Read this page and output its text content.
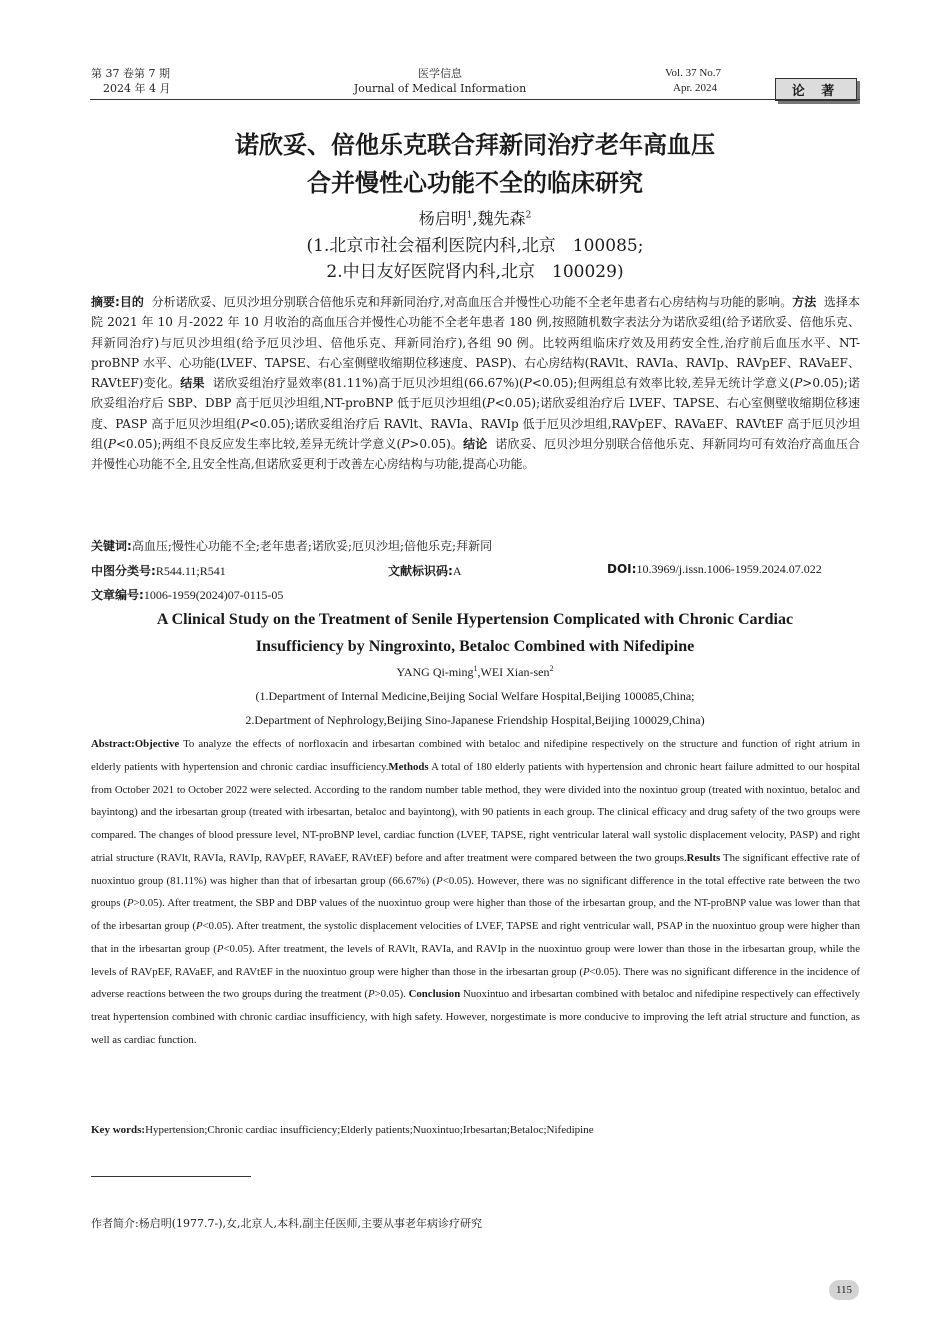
第 37 卷第 7 期
2024 年 4 月
医学信息
Journal of Medical Information
Vol. 37 No.7
Apr. 2024	论 著
诺欣妥、倍他乐克联合拜新同治疗老年高血压
合并慢性心功能不全的临床研究
杨启明$^1$,魏先森$^2$
(1.北京市社会福利医院内科,北京　100085;
2.中日友好医院肾内科,北京　100029)
摘要:目的 分析诺欣妥、厄贝沙坦分别联合倍他乐克和拜新同治疗,对高血压合并慢性心功能不全老年患者右心房结构与功能的影响。方法 选择本院 2021 年 10 月-2022 年 10 月收治的高血压合并慢性心功能不全老年患者 180 例,按照随机数字表法分为诺欣妥组(给予诺欣妥、倍他乐克、拜新同治疗)与厄贝沙坦组(给予厄贝沙坦、倍他乐克、拜新同治疗),各组 90 例。比较两组临床疗效及用药安全性,治疗前后血压水平、NT-proBNP 水平、心功能(LVEF、TAPSE、右心室侧壁收缩期位移速度、PASP)、右心房结构(RAVlt、RAVIa、RAVIp、RAVpEF、RAVaEF、RAVtEF)变化。结果 诺欣妥组治疗显效率(81.11%)高于厄贝沙坦组(66.67%)(P<0.05);但两组总有效率比较,差异无统计学意义(P>0.05);诺欣妥组治疗后 SBP、DBP 高于厄贝沙坦组,NT-proBNP 低于厄贝沙坦组(P<0.05);诺欣妥组治疗后 LVEF、TAPSE、右心室侧壁收缩期位移速度、PASP 高于厄贝沙坦组(P<0.05);诺欣妥组治疗后 RAVlt、RAVIa、RAVIp 低于厄贝沙坦组,RAVpEF、RAVaEF、RAVtEF 高于厄贝沙坦组(P<0.05);两组不良反应发生率比较,差异无统计学意义(P>0.05)。结论 诺欣妥、厄贝沙坦分别联合倍他乐克、拜新同均可有效治疗高血压合并慢性心功能不全,且安全性高,但诺欣妥更利于改善左心房结构与功能,提高心功能。
关键词:高血压;慢性心功能不全;老年患者;诺欣妥;厄贝沙坦;倍他乐克;拜新同
中图分类号:R544.11;R541	文献标识码:A	DOI:10.3969/j.issn.1006-1959.2024.07.022
文章编号:1006-1959(2024)07-0115-05
A Clinical Study on the Treatment of Senile Hypertension Complicated with Chronic Cardiac
Insufficiency by Ningroxinto, Betaloc Combined with Nifedipine
YANG Qi-ming$^1$,WEI Xian-sen$^2$
(1.Department of Internal Medicine,Beijing Social Welfare Hospital,Beijing 100085,China;
2.Department of Nephrology,Beijing Sino-Japanese Friendship Hospital,Beijing 100029,China)
Abstract:Objective To analyze the effects of norfloxacin and irbesartan combined with betaloc and nifedipine respectively on the structure and function of right atrium in elderly patients with hypertension and chronic cardiac insufficiency.Methods A total of 180 elderly patients with hypertension and chronic heart failure admitted to our hospital from October 2021 to October 2022 were selected. According to the random number table method, they were divided into the noxintuo group (treated with noxintuo, betaloc and bayintong) and the irbesartan group (treated with irbesartan, betaloc and bayintong), with 90 patients in each group. The clinical efficacy and drug safety of the two groups were compared. The changes of blood pressure level, NT-proBNP level, cardiac function (LVEF, TAPSE, right ventricular lateral wall systolic displacement velocity, PASP) and right atrial structure (RAVlt, RAVIa, RAVIp, RAVpEF, RAVaEF, RAVtEF) before and after treatment were compared between the two groups.Results The significant effective rate of nuoxintuo group (81.11%) was higher than that of irbesartan group (66.67%) (P<0.05). However, there was no significant difference in the total effective rate between the two groups (P>0.05). After treatment, the SBP and DBP values of the nuoxintuo group were higher than those of the irbesartan group, and the NT-proBNP value was lower than that of the irbesartan group (P<0.05). After treatment, the systolic displacement velocities of LVEF, TAPSE and right ventricular wall, PSAP in the nuoxintuo group were higher than that in the irbesartan group (P<0.05). After treatment, the levels of RAVlt, RAVIa, and RAVIp in the nuoxintuo group were lower than those in the irbesartan group, while the levels of RAVpEF, RAVaEF, and RAVtEF in the nuoxintuo group were higher than those in the irbesartan group (P<0.05). There was no significant difference in the incidence of adverse reactions between the two groups during the treatment (P>0.05). Conclusion Nuoxintuo and irbesartan combined with betaloc and nifedipine respectively can effectively treat hypertension combined with chronic cardiac insufficiency, with high safety. However, norgestimate is more conducive to improving the left atrial structure and function, as well as cardiac function.
Key words:Hypertension;Chronic cardiac insufficiency;Elderly patients;Nuoxintuo;Irbesartan;Betaloc;Nifedipine
作者简介:杨启明(1977.7-),女,北京人,本科,副主任医师,主要从事老年病诊疗研究
115
